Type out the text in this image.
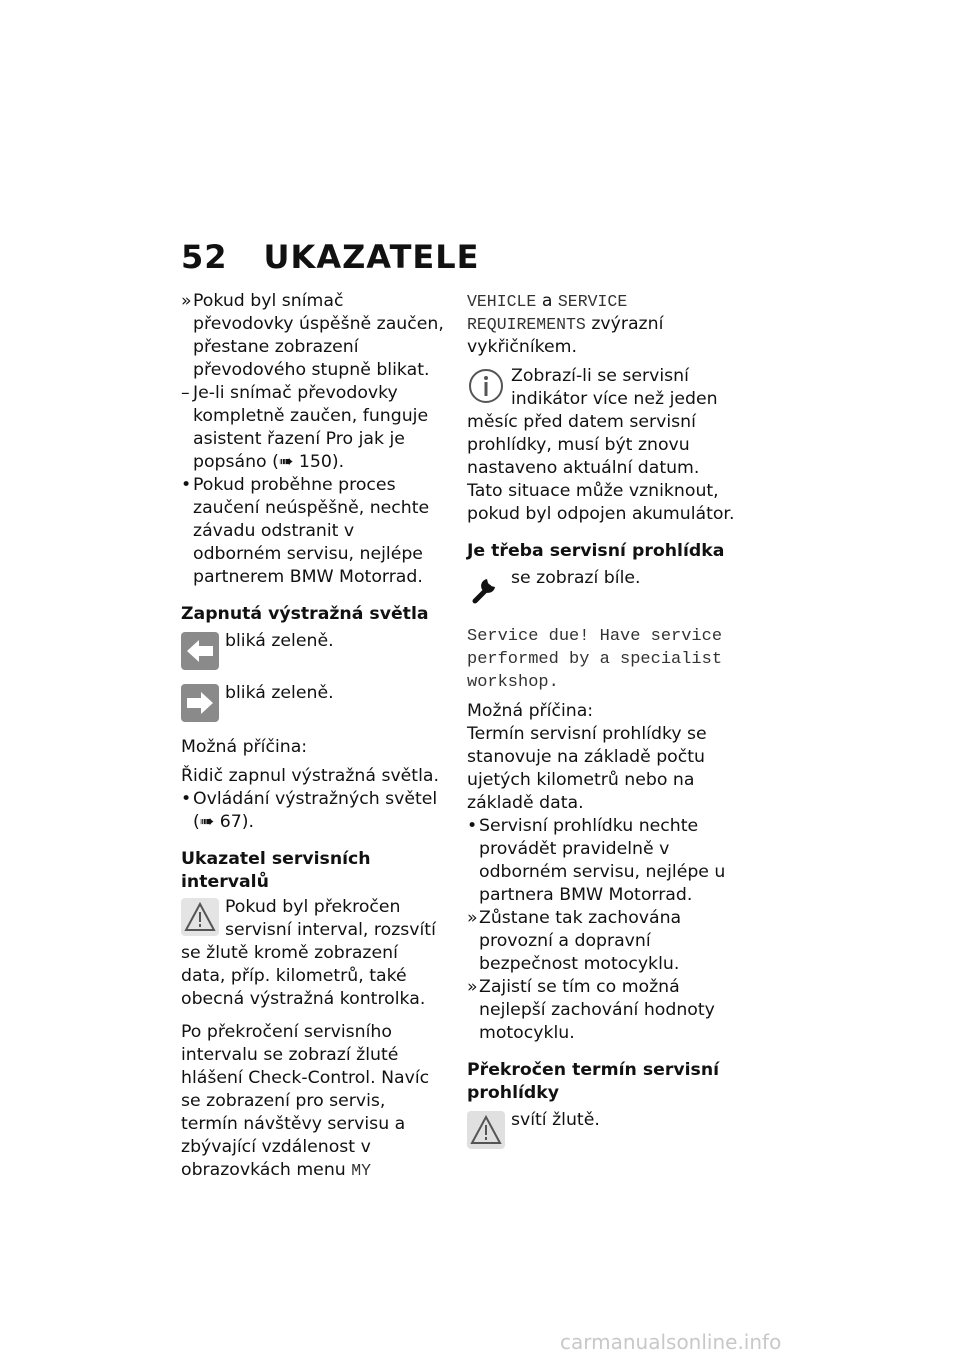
52 UKAZATELE
» Pokud byl snímač převodovky úspěšně zaučen, přestane zobrazení převodového stupně blikat.
– Je-li snímač převodovky kompletně zaučen, funguje asistent řazení Pro jak je popsáno (➠ 150).
• Pokud proběhne proces zaučení neúspěšně, nechte závadu odstranit v odborném servisu, nejlépe partnerem BMW Motorrad.

Zapnutá výstražná světla

bliká zeleně.

bliká zeleně.

Možná příčina:

Řidič zapnul výstražná světla.

• Ovládání výstražných světel (➠ 67).

Ukazatel servisních intervalů

Pokud byl překročen servisní interval, rozsvítí se žlutě kromě zobrazení data, příp. kilometrů, také obecná výstražná kontrolka.

Po překročení servisního intervalu se zobrazí žluté hlášení Check-Control. Navíc se zobrazení pro servis, termín návštěvy servisu a zbývající vzdálenost v obrazovkách menu MY

VEHICLE a SERVICE REQUIREMENTS zvýrazní vykřičníkem.

Zobrazí-li se servisní indikátor více než jeden měsíc před datem servisní prohlídky, musí být znovu nastaveno aktuální datum. Tato situace může vzniknout, pokud byl odpojen akumulátor.

Je třeba servisní prohlídka

se zobrazí bíle.

Service due! Have service performed by a specialist workshop.

Možná příčina:

Termín servisní prohlídky se stanovuje na základě počtu ujetých kilometrů nebo na základě data.

• Servisní prohlídku nechte provádět pravidelně v odborném servisu, nejlépe u partnera BMW Motorrad.
» Zůstane tak zachována provozní a dopravní bezpečnost motocyklu.
» Zajistí se tím co možná nejlepší zachování hodnoty motocyklu.

Překročen termín servisní prohlídky

svítí žlutě.

carmanualsonline.info
